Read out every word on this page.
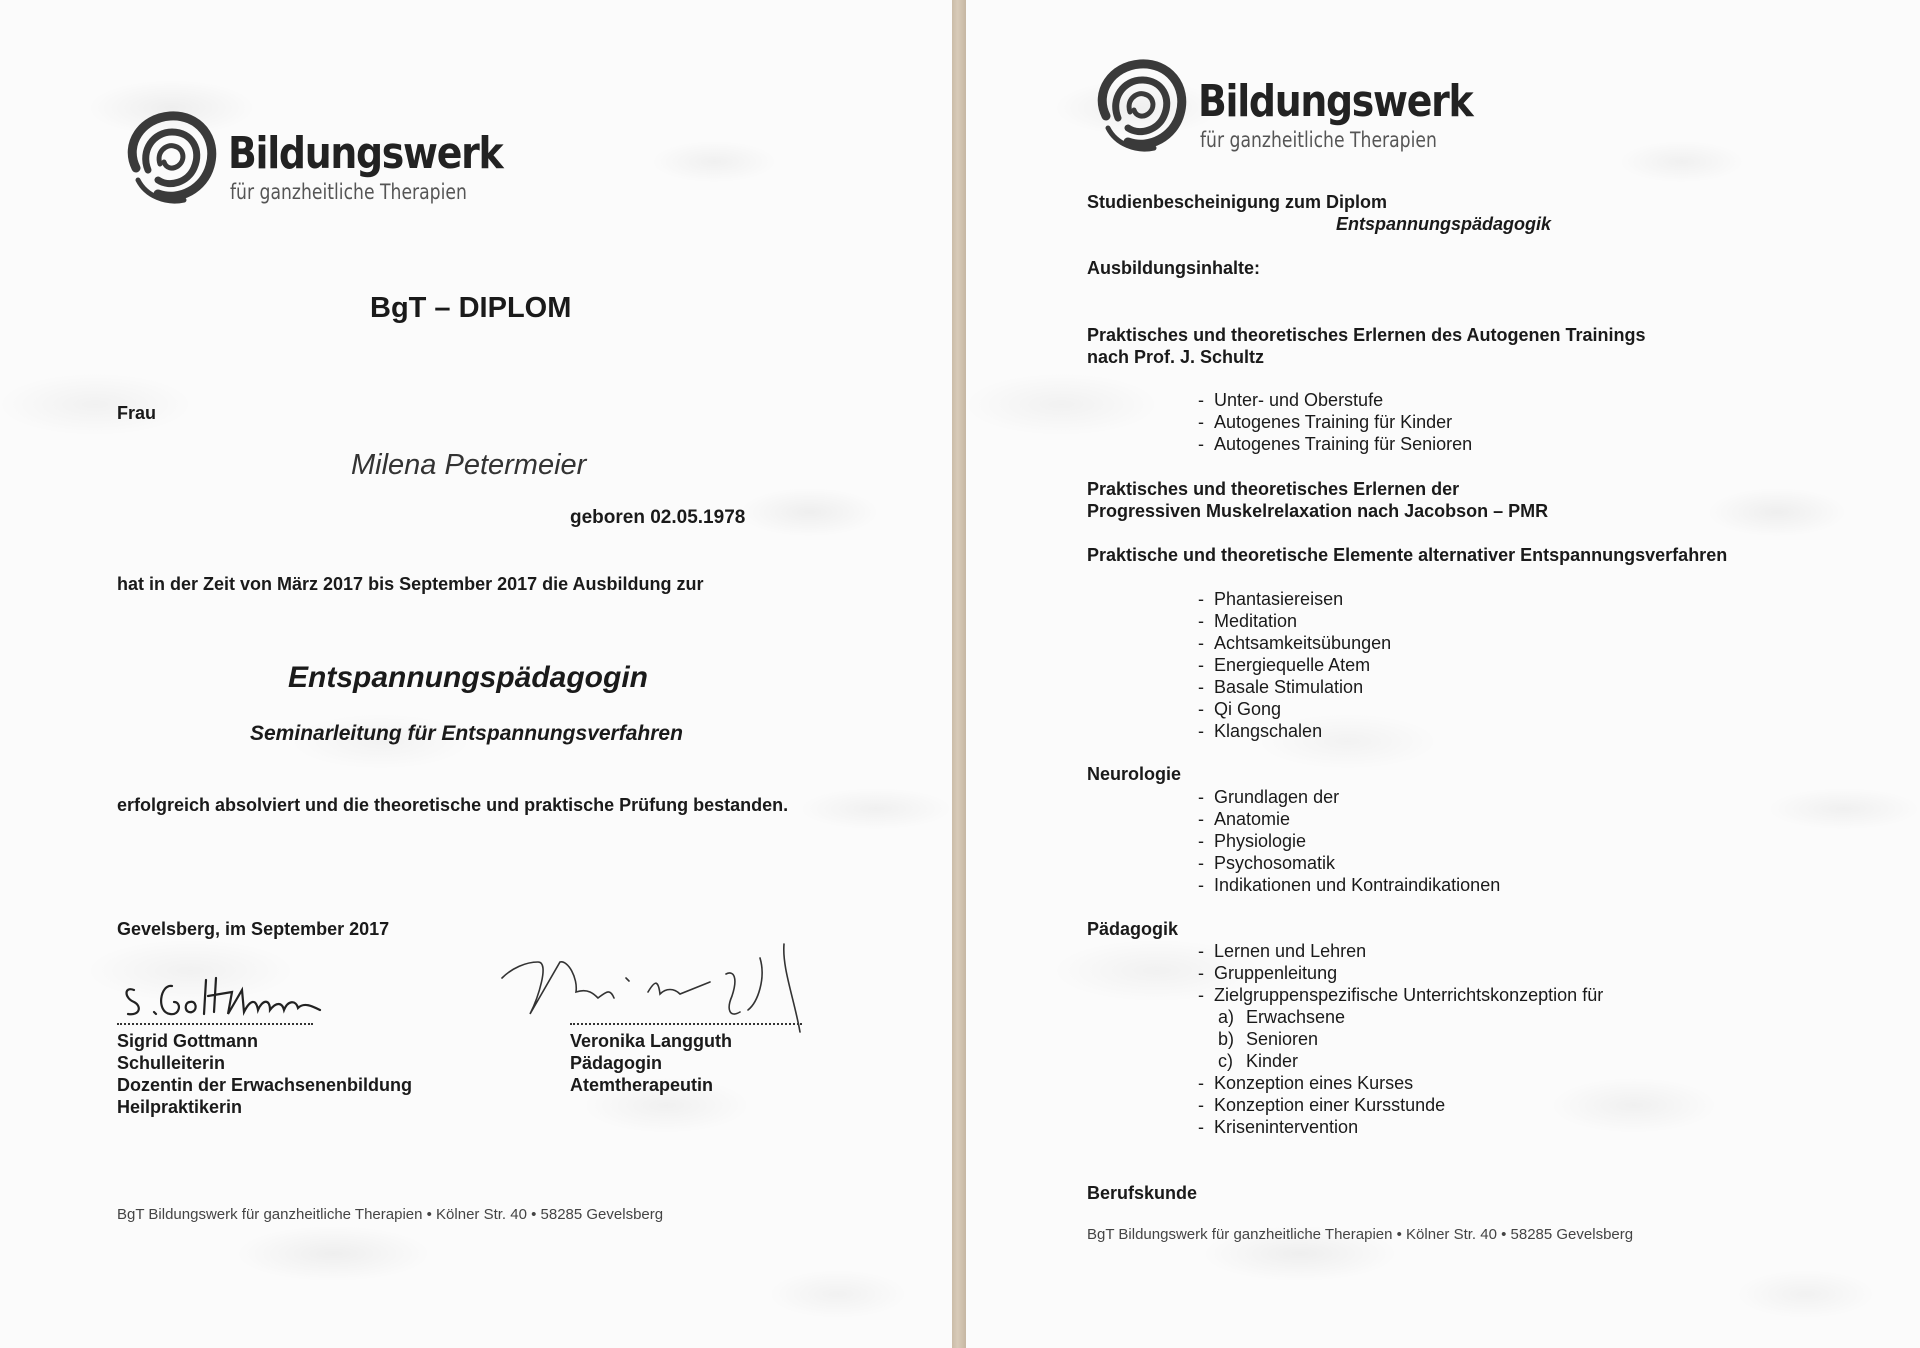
Bildungswerk
für ganzheitliche Therapien
BgT – DIPLOM
Frau
Milena Petermeier
geboren 02.05.1978
hat in der Zeit von März 2017 bis September 2017 die Ausbildung zur
Entspannungspädagogin
Seminarleitung für Entspannungsverfahren
erfolgreich absolviert und die theoretische und praktische Prüfung bestanden.
Gevelsberg, im September 2017
Sigrid Gottmann
Schulleiterin
Dozentin der Erwachsenenbildung
Heilpraktikerin
Veronika Langguth
Pädagogin
Atemtherapeutin
BgT Bildungswerk für ganzheitliche Therapien • Kölner Str. 40 • 58285 Gevelsberg
Bildungswerk
für ganzheitliche Therapien
Studienbescheinigung zum Diplom
Entspannungspädagogik
Ausbildungsinhalte:
Praktisches und theoretisches Erlernen des Autogenen Trainings
nach Prof. J. Schultz
- Unter- und Oberstufe
- Autogenes Training für Kinder
- Autogenes Training für Senioren
Praktisches und theoretisches Erlernen der
Progressiven Muskelrelaxation nach Jacobson – PMR
Praktische und theoretische Elemente alternativer Entspannungsverfahren
- Phantasiereisen
- Meditation
- Achtsamkeitsübungen
- Energiequelle Atem
- Basale Stimulation
- Qi Gong
- Klangschalen
Neurologie
- Grundlagen der
- Anatomie
- Physiologie
- Psychosomatik
- Indikationen und Kontraindikationen
Pädagogik
- Lernen und Lehren
- Gruppenleitung
- Zielgruppenspezifische Unterrichtskonzeption für
a) Erwachsene
b) Senioren
c) Kinder
- Konzeption eines Kurses
- Konzeption einer Kursstunde
- Krisenintervention
Berufskunde
BgT Bildungswerk für ganzheitliche Therapien • Kölner Str. 40 • 58285 Gevelsberg
